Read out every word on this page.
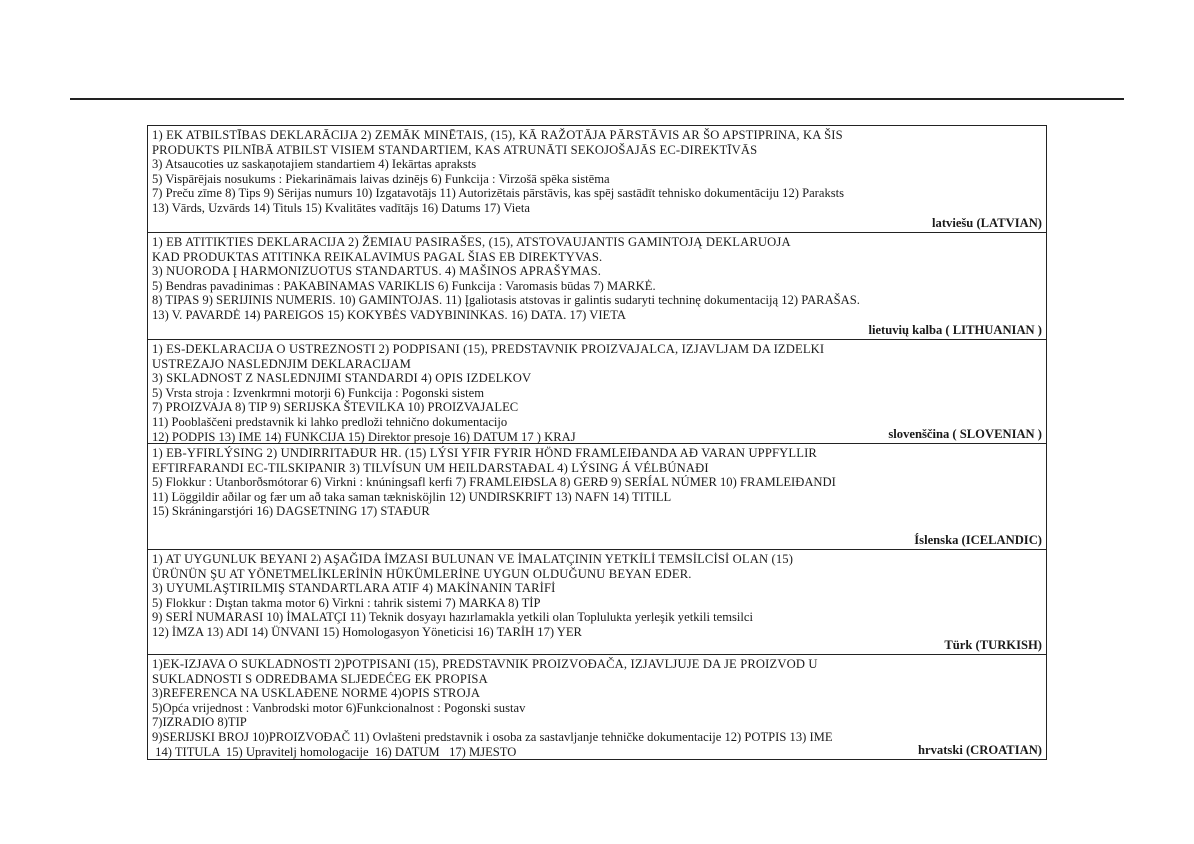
1) EK ATBILSTĪBAS DEKLARĀCIJA 2) ZEMĀK MINĒTAIS, (15), KĀ RAŽOTĀJA PĀRSTĀVIS AR ŠO APSTIPRINA, KA ŠIS
PRODUKTS PILNĪBĀ ATBILST VISIEM STANDARTIEM, KAS ATRUNĀTI SEKOJOŠAJĀS EC-DIREKTĪVĀS
3) Atsaucoties uz saskaņotajiem standartiem 4) Iekārtas apraksts
5) Vispārējais nosukums : Piekarināmais laivas dzinējs 6) Funkcija : Virzošā spēka sistēma
7) Preču zīme 8) Tips 9) Sērijas numurs 10) Izgatavotājs 11) Autorizētais pārstāvis, kas spēj sastādīt tehnisko dokumentāciju 12) Paraksts
13) Vārds, Uzvārds 14) Tituls 15) Kvalitātes vadītājs 16) Datums 17) Vieta
latviešu (LATVIAN)
1) EB ATITIKTIES DEKLARACIJA 2) ŽEMIAU PASIRAŠES, (15), ATSTOVAUJANTIS GAMINTOJĄ DEKLARUOJA
KAD PRODUKTAS ATITINKA REIKALAVIMUS PAGAL ŠIAS EB DIREKTYVAS.
3) NUORODA Į HARMONIZUOTUS STANDARTUS. 4) MAŠINOS APRAŠYMAS.
5) Bendras pavadinimas : PAKABINAMAS VARIKLIS 6) Funkcija : Varomasis būdas 7) MARKĖ.
8) TIPAS 9) SERIJINIS NUMERIS. 10) GAMINTOJAS. 11) Įgaliotasis atstovas ir galintis sudaryti techninę dokumentaciją 12) PARAŠAS.
13) V. PAVARDĖ 14) PAREIGOS 15) KOKYBĖS VADYBININKAS. 16) DATA. 17) VIETA
lietuvių kalba ( LITHUANIAN )
1) ES-DEKLARACIJA O USTREZNOSTI 2) PODPISANI (15), PREDSTAVNIK PROIZVAJALCA, IZJAVLJAM DA IZDELKI
USTREZAJO NASLEDNJIM DEKLARACIJAM
3) SKLADNOST Z NASLEDNJIMI STANDARDI 4) OPIS IZDELKOV
5) Vrsta stroja : Izvenkrmni motorji 6) Funkcija : Pogonski sistem
7) PROIZVAJA 8) TIP 9) SERIJSKA ŠTEVILKA 10) PROIZVAJALEC
11) Pooblaščeni predstavnik ki lahko predloži tehnično dokumentacijo
12) PODPIS 13) IME 14) FUNKCIJA 15) Direktor presoje 16) DATUM 17 ) KRAJ	slovenščina ( SLOVENIAN )
1) EB-YFIRLÝSING 2) UNDIRRITAÐUR HR. (15) LÝSI YFIR FYRIR HÖND FRAMLEIÐANDA AÐ VARAN UPPFYLLIR
EFTIRFARANDI EC-TILSKIPANIR 3) TILVÍSUN UM HEILDARSTAÐAL 4) LÝSING Á VÉLBÚNAÐI
5) Flokkur : Utanborðsmótorar 6) Virkni : knúningsafl kerfi 7) FRAMLEIÐSLA 8) GERÐ 9) SERÍAL NÚMER 10) FRAMLEIÐANDI
11) Löggildir aðilar og fær um að taka saman tæknisköjlin 12) UNDIRSKRIFT 13) NAFN 14) TITILL
15) Skráningarstjóri 16) DAGSETNING 17) STAÐUR
Íslenska (ICELANDIC)
1) AT UYGUNLUK BEYANI 2) AŞAĞIDA İMZASI BULUNAN VE İMALATÇININ YETKİLİ TEMSİLCİSİ OLAN (15)
ÜRÜNÜN ŞU AT YÖNETMELİKLERİNİN HÜKÜMLERİNE UYGUN OLDUĞUNU BEYAN EDER.
3) UYUMLAŞTIRILMIŞ STANDARTLARA ATIF 4) MAKİNANIN TARİFİ
5) Flokkur : Dıştan takma motor 6) Virkni : tahrik sistemi 7) MARKA 8) TİP
9) SERİ NUMARASI 10) İMALATÇI 11) Teknik dosyayı hazırlamakla yetkili olan Toplulukta yerleşik yetkili temsilci
12) İMZA 13) ADI 14) ÜNVANI 15) Homologasyon Yöneticisi 16) TARİH 17) YER
Türk (TURKISH)
1)EK-IZJAVA O SUKLADNOSTI 2)POTPISANI (15), PREDSTAVNIK PROIZVOĐAČA, IZJAVLJUJE DA JE PROIZVOD U
SUKLADNOSTI S ODREDBAMA SLJEDEĆEG EK PROPISA
3)REFERENCA NA USKLAĐENE NORME 4)OPIS STROJA
5)Opća vrijednost : Vanbrodski motor 6)Funkcionalnost : Pogonski sustav
7)IZRADIO 8)TIP
9)SERIJSKI BROJ 10)PROIZVOĐAČ 11) Ovlašteni predstavnik i osoba za sastavljanje tehničke dokumentacije 12) POTPIS 13) IME
14) TITULA  15) Upravitelj homologacije  16) DATUM   17) MJESTO	hrvatski (CROATIAN)
